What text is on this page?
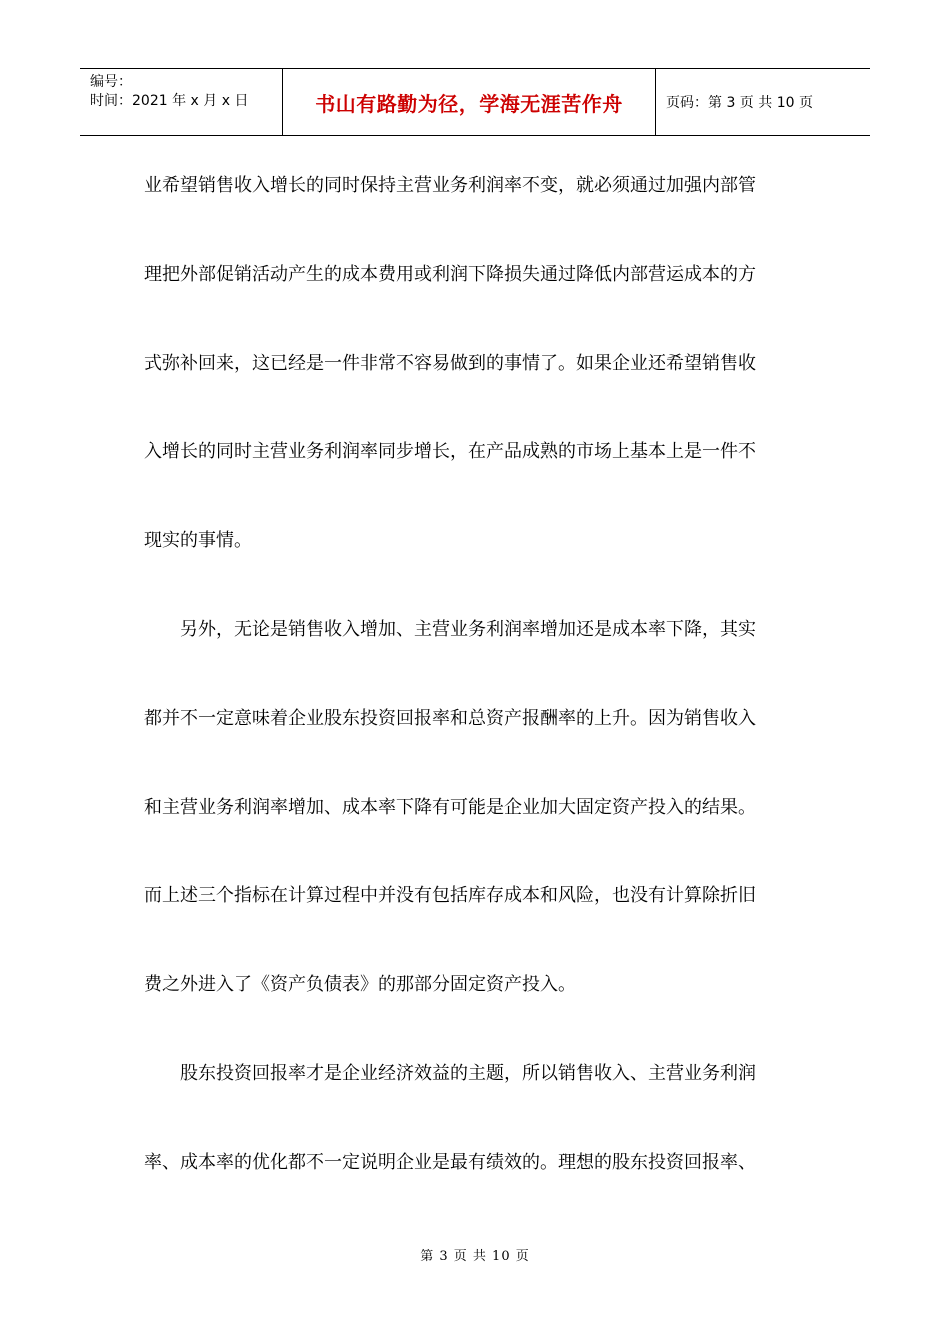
编号：
时间：2021 年 x 月 x 日	书山有路勤为径，学海无涯苦作舟	页码：第 3 页 共 10 页
业希望销售收入增长的同时保持主营业务利润率不变，就必须通过加强内部管
理把外部促销活动产生的成本费用或利润下降损失通过降低内部营运成本的方
式弥补回来，这已经是一件非常不容易做到的事情了。如果企业还希望销售收
入增长的同时主营业务利润率同步增长，在产品成熟的市场上基本上是一件不
现实的事情。
另外，无论是销售收入增加、主营业务利润率增加还是成本率下降，其实
都并不一定意味着企业股东投资回报率和总资产报酬率的上升。因为销售收入
和主营业务利润率增加、成本率下降有可能是企业加大固定资产投入的结果。
而上述三个指标在计算过程中并没有包括库存成本和风险，也没有计算除折旧
费之外进入了《资产负债表》的那部分固定资产投入。
股东投资回报率才是企业经济效益的主题，所以销售收入、主营业务利润
率、成本率的优化都不一定说明企业是最有绩效的。理想的股东投资回报率、
第 3 页 共 10 页
